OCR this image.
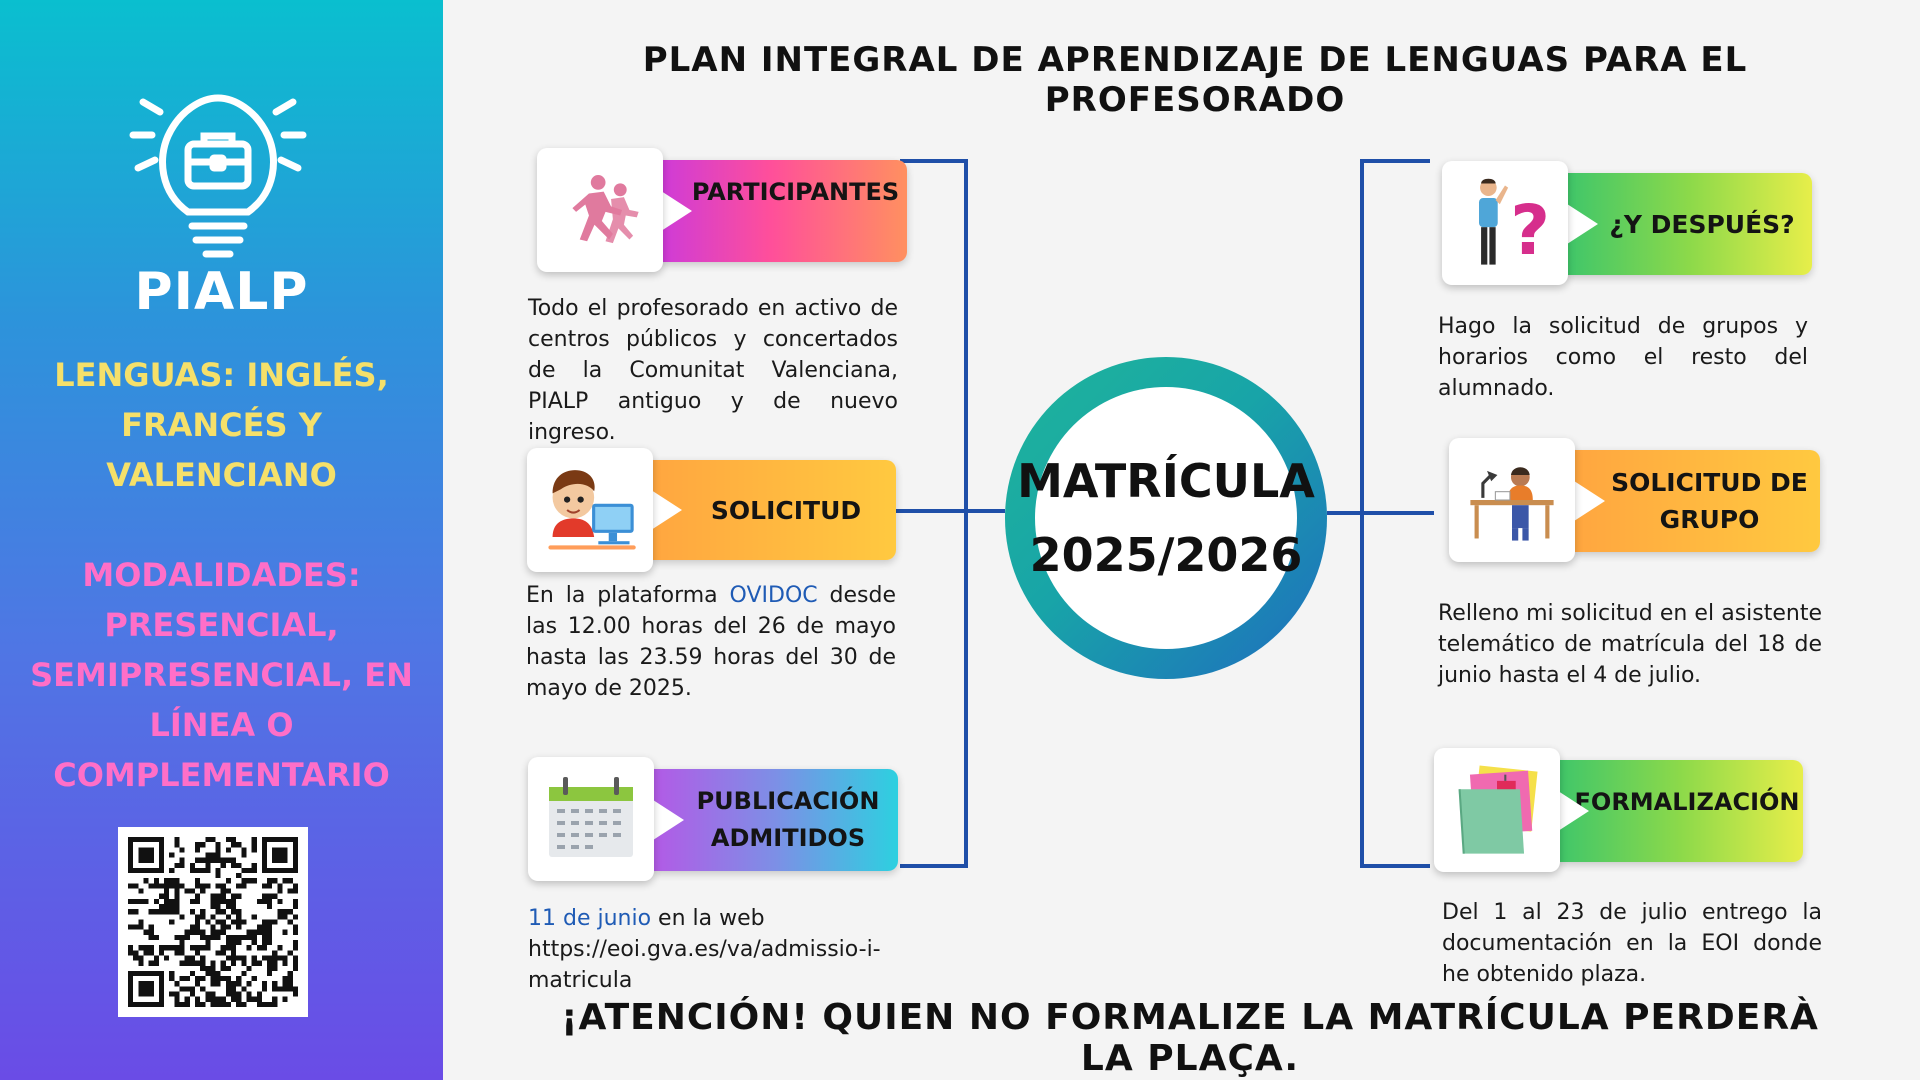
PIALP
LENGUAS: INGLÉS,
FRANCÉS Y
VALENCIANO
MODALIDADES:
PRESENCIAL,
SEMIPRESENCIAL, EN
LÍNEA O
COMPLEMENTARIO
PLAN INTEGRAL DE APRENDIZAJE DE LENGUAS PARA EL PROFESORADO
MATRÍCULA
2025/2026
PARTICIPANTES
Todo el profesorado en activo de centros públicos y concertados de la Comunitat Valenciana, PIALP antiguo y de nuevo ingreso.
SOLICITUD
En la plataforma OVIDOC desde las 12.00 horas del 26 de mayo hasta las 23.59 horas del 30 de mayo de 2025.
PUBLICACIÓN
ADMITIDOS
11 de junio en la web https://eoi.gva.es/va/admissio-i-matricula
¿Y DESPUÉS?
?
Hago la solicitud de grupos y horarios como el resto del alumnado.
SOLICITUD DE
GRUPO
Relleno mi solicitud en el asistente telemático de matrícula del 18 de junio hasta el 4 de julio.
FORMALIZACIÓN
Del 1 al 23 de julio entrego la documentación en la EOI donde he obtenido plaza.
¡ATENCIÓN! QUIEN NO FORMALIZE LA MATRÍCULA PERDERÀ LA PLAÇA.
